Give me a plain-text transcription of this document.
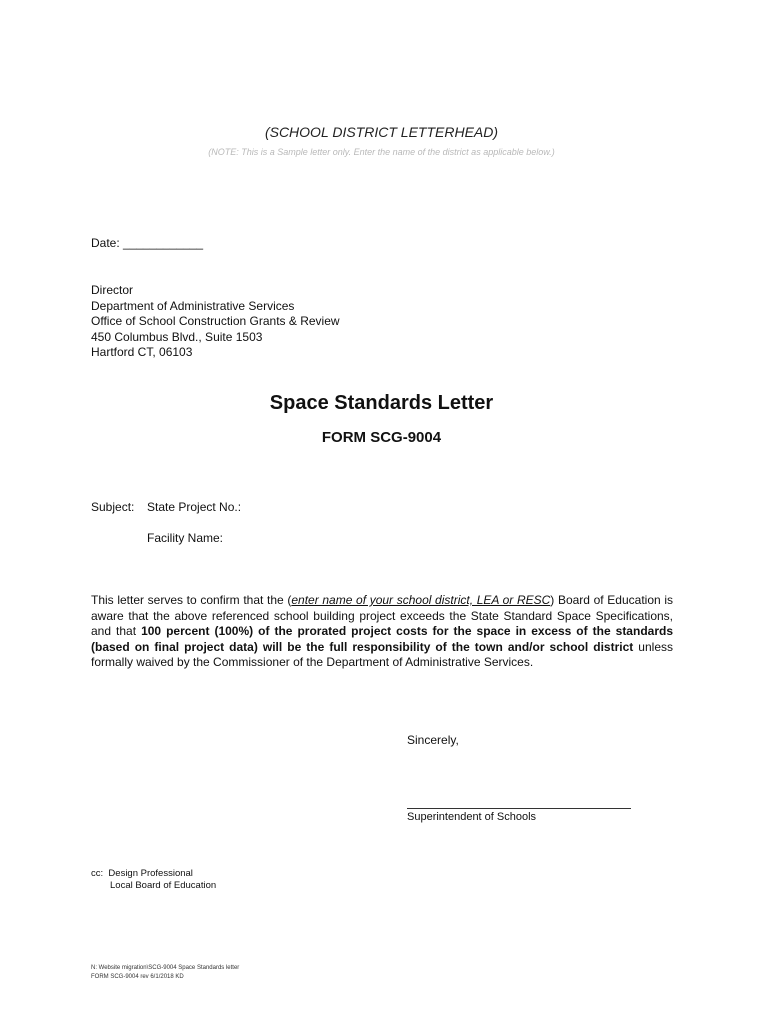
(SCHOOL DISTRICT LETTERHEAD)
(NOTE: This is a Sample letter only. Enter the name of the district as applicable below.)
Date: ____________
Director
Department of Administrative Services
Office of School Construction Grants & Review
450 Columbus Blvd., Suite 1503
Hartford CT, 06103
Space Standards Letter
FORM SCG-9004
Subject: State Project No.:
Facility Name:
This letter serves to confirm that the (enter name of your school district, LEA or RESC) Board of Education is aware that the above referenced school building project exceeds the State Standard Space Specifications, and that 100 percent (100%) of the prorated project costs for the space in excess of the standards (based on final project data) will be the full responsibility of the town and/or school district unless formally waived by the Commissioner of the Department of Administrative Services.
Sincerely,
Superintendent of Schools
cc: Design Professional
Local Board of Education
N: Website migration\SCG-9004 Space Standards letter
FORM SCG-9004 rev 6/1/2018 KD
